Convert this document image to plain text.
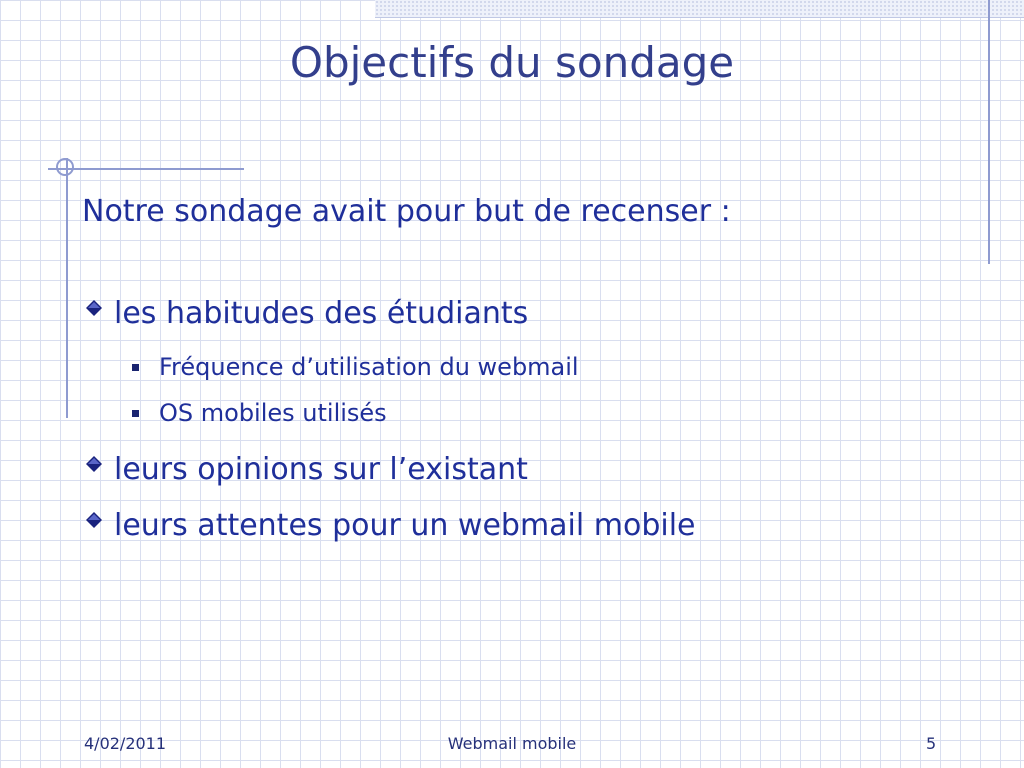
Objectifs du sondage
Notre sondage avait pour but de recenser :
les habitudes des étudiants
Fréquence d’utilisation du webmail
OS mobiles utilisés
leurs opinions sur l’existant
leurs attentes pour un webmail mobile
4/02/2011	Webmail mobile	5
